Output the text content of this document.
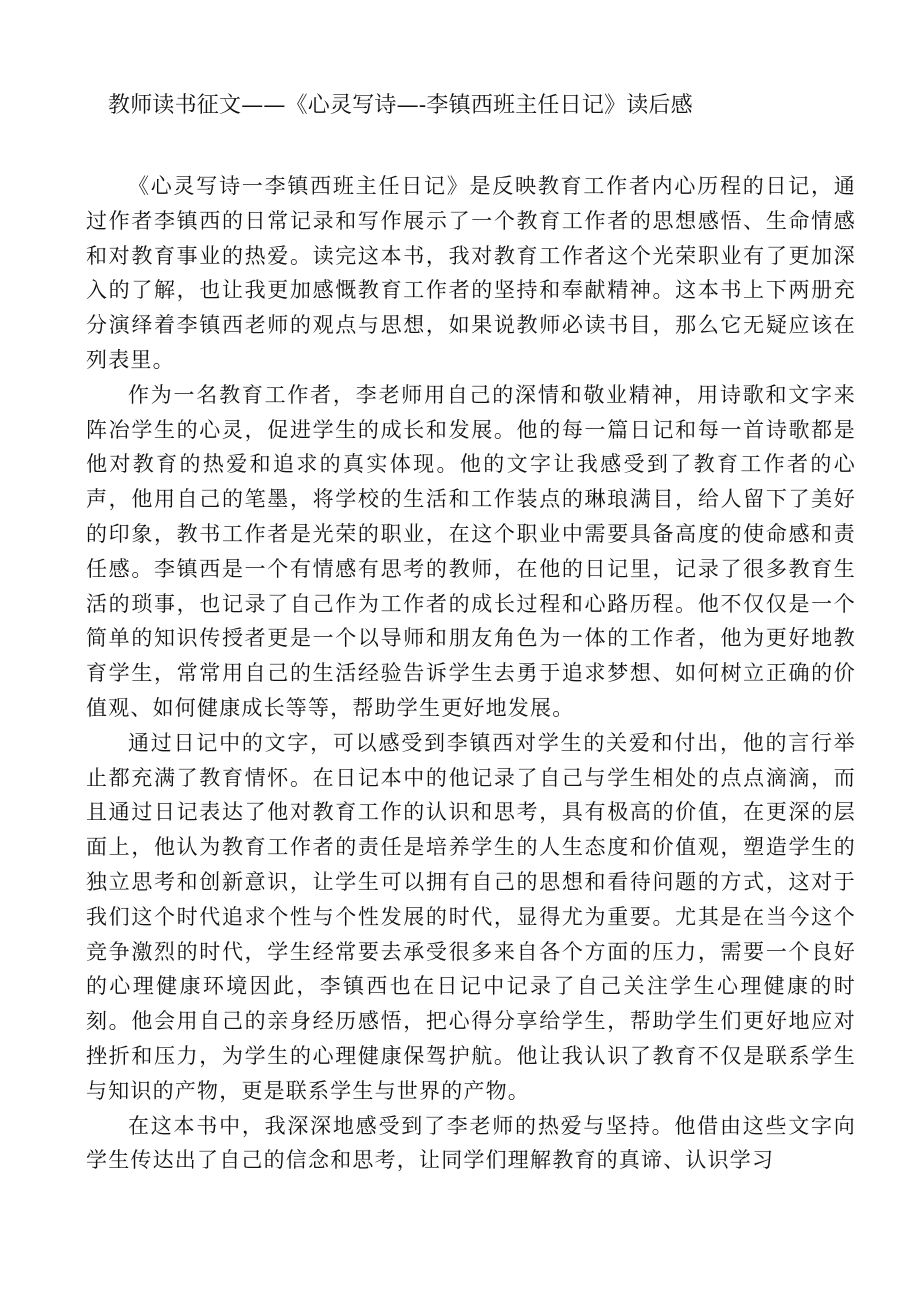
教师读书征文——《心灵写诗—-李镇西班主任日记》读后感

《心灵写诗一李镇西班主任日记》是反映教育工作者内心历程的日记，通过作者李镇西的日常记录和写作展示了一个教育工作者的思想感悟、生命情感和对教育事业的热爱。读完这本书，我对教育工作者这个光荣职业有了更加深入的了解，也让我更加感慨教育工作者的坚持和奉献精神。这本书上下两册充分演绎着李镇西老师的观点与思想，如果说教师必读书目，那么它无疑应该在列表里。

作为一名教育工作者，李老师用自己的深情和敬业精神，用诗歌和文字来阵冶学生的心灵，促进学生的成长和发展。他的每一篇日记和每一首诗歌都是他对教育的热爱和追求的真实体现。他的文字让我感受到了教育工作者的心声，他用自己的笔墨，将学校的生活和工作装点的琳琅满目，给人留下了美好的印象，教书工作者是光荣的职业，在这个职业中需要具备高度的使命感和责任感。李镇西是一个有情感有思考的教师，在他的日记里，记录了很多教育生活的琐事，也记录了自己作为工作者的成长过程和心路历程。他不仅仅是一个简单的知识传授者更是一个以导师和朋友角色为一体的工作者，他为更好地教育学生，常常用自己的生活经验告诉学生去勇于追求梦想、如何树立正确的价值观、如何健康成长等等，帮助学生更好地发展。

通过日记中的文字，可以感受到李镇西对学生的关爱和付出，他的言行举止都充满了教育情怀。在日记本中的他记录了自己与学生相处的点点滴滴，而且通过日记表达了他对教育工作的认识和思考，具有极高的价值，在更深的层面上，他认为教育工作者的责任是培养学生的人生态度和价值观，塑造学生的独立思考和创新意识，让学生可以拥有自己的思想和看待问题的方式，这对于我们这个时代追求个性与个性发展的时代，显得尤为重要。尤其是在当今这个竞争激烈的时代，学生经常要去承受很多来自各个方面的压力，需要一个良好的心理健康环境因此，李镇西也在日记中记录了自己关注学生心理健康的时刻。他会用自己的亲身经历感悟，把心得分享给学生，帮助学生们更好地应对挫折和压力，为学生的心理健康保驾护航。他让我认识了教育不仅是联系学生与知识的产物，更是联系学生与世界的产物。

在这本书中，我深深地感受到了李老师的热爱与坚持。他借由这些文字向学生传达出了自己的信念和思考，让同学们理解教育的真谛、认识学习
